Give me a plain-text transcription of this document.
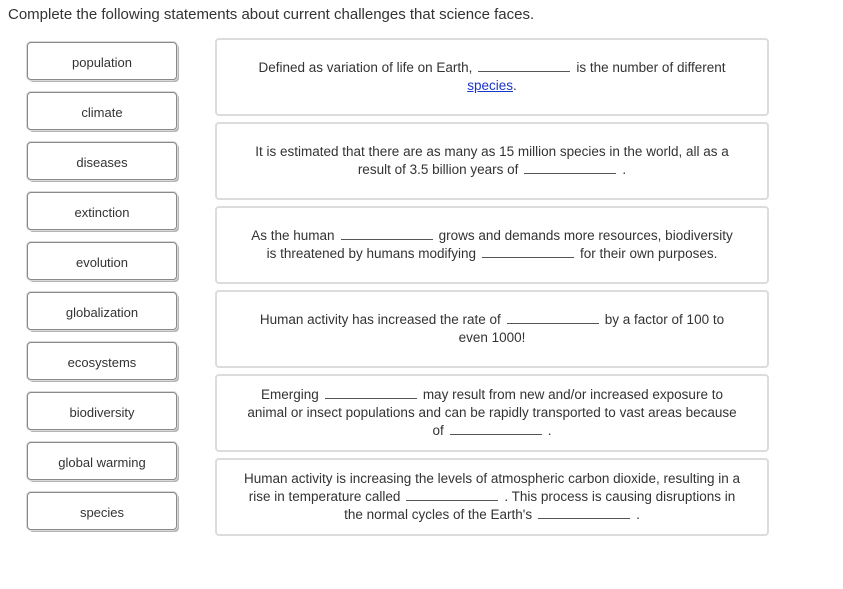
Complete the following statements about current challenges that science faces.
population
climate
diseases
extinction
evolution
globalization
ecosystems
biodiversity
global warming
species
Defined as variation of life on Earth,	is the number of different
species.
It is estimated that there are as many as 15 million species in the world, all as a result of 3.5 billion years of	.
As the human	grows and demands more resources, biodiversity is threatened by humans modifying	for their own purposes.
Human activity has increased the rate of	by a factor of 100 to even 1000!
Emerging	may result from new and/or increased exposure to animal or insect populations and can be rapidly transported to vast areas because of	.
Human activity is increasing the levels of atmospheric carbon dioxide, resulting in a rise in temperature called	. This process is causing disruptions in the normal cycles of the Earth's	.
